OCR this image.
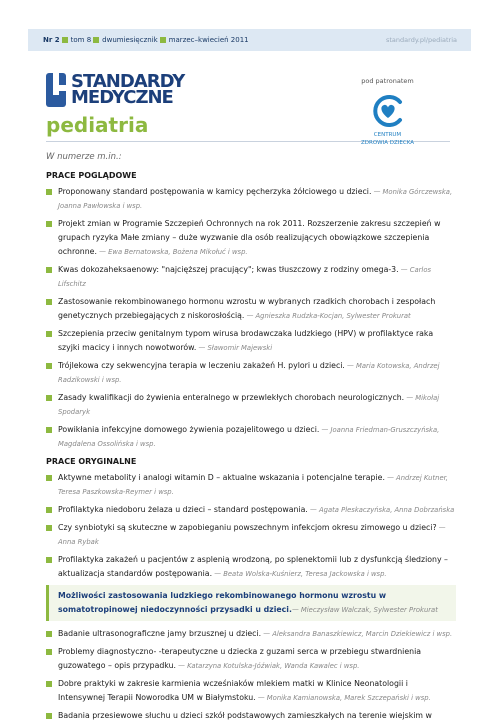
Nr 2 tom 8 dwumiesięcznik marzec–kwiecień 2011	standardy.pl/pediatria
STANDARDY
MEDYCZNE
pediatria
pod patronatem
CENTRUM
ZDROWIA DZIECKA
W numerze m.in.:
PRACE POGLĄDOWE
Proponowany standard postępowania w kamicy pęcherzyka żółciowego u dzieci. — Monika Górczewska, Joanna Pawłowska i wsp.
Projekt zmian w Programie Szczepień Ochronnych na rok 2011. Rozszerzenie zakresu szczepień w grupach ryzyka Małe zmiany – duże wyzwanie dla osób realizujących obowiązkowe szczepienia ochronne. — Ewa Bernatowska, Bożena Mikołuć i wsp.
Kwas dokozaheksaenowy: "najcięższej pracujący"; kwas tłuszczowy z rodziny omega-3. — Carlos Lifschitz
Zastosowanie rekombinowanego hormonu wzrostu w wybranych rzadkich chorobach i zespołach genetycznych przebiegających z niskorosłością. — Agnieszka Rudzka-Kocjan, Sylwester Prokurat
Szczepienia przeciw genitalnym typom wirusa brodawczaka ludzkiego (HPV) w profilaktyce raka szyjki macicy i innych nowotworów. — Sławomir Majewski
Trójlekowa czy sekwencyjna terapia w leczeniu zakażeń H. pylori u dzieci. — Maria Kotowska, Andrzej Radzikowski i wsp.
Zasady kwalifikacji do żywienia enteralnego w przewlekłych chorobach neurologicznych. — Mikołaj Spodaryk
Powikłania infekcyjne domowego żywienia pozajelitowego u dzieci. — Joanna Friedman-Gruszczyńska, Magdalena Ossolińska i wsp.
PRACE ORYGINALNE
Aktywne metabolity i analogi witamin D – aktualne wskazania i potencjalne terapie. — Andrzej Kutner, Teresa Paszkowska-Reymer i wsp.
Profilaktyka niedoboru żelaza u dzieci – standard postępowania. — Agata Pleskaczyńska, Anna Dobrzańska
Czy synbiotyki są skuteczne w zapobieganiu powszechnym infekcjom okresu zimowego u dzieci? — Anna Rybak
Profilaktyka zakażeń u pacjentów z asplenią wrodzoną, po splenektomii lub z dysfunkcją śledziony – aktualizacja standardów postępowania. — Beata Wolska-Kuśnierz, Teresa Jackowska i wsp.
Możliwości zastosowania ludzkiego rekombinowanego hormonu wzrostu w somatotropinowej niedoczynności przysadki u dzieci.— Mieczysław Walczak, Sylwester Prokurat
Badanie ultrasonograficzne jamy brzusznej u dzieci. — Aleksandra Banaszkiewicz, Marcin Dziekiewicz i wsp.
Problemy diagnostyczno- -terapeutyczne u dziecka z guzami serca w przebiegu stwardnienia guzowatego – opis przypadku. — Katarzyna Kotulska-Jóźwiak, Wanda Kawalec i wsp.
Dobre praktyki w zakresie karmienia wcześniaków mlekiem matki w Klinice Neonatologii i Intensywnej Terapii Noworodka UM w Białymstoku. — Monika Kamianowska, Marek Szczepański i wsp.
Badania przesiewowe słuchu u dzieci szkół podstawowych zamieszkałych na terenie wiejskim w
